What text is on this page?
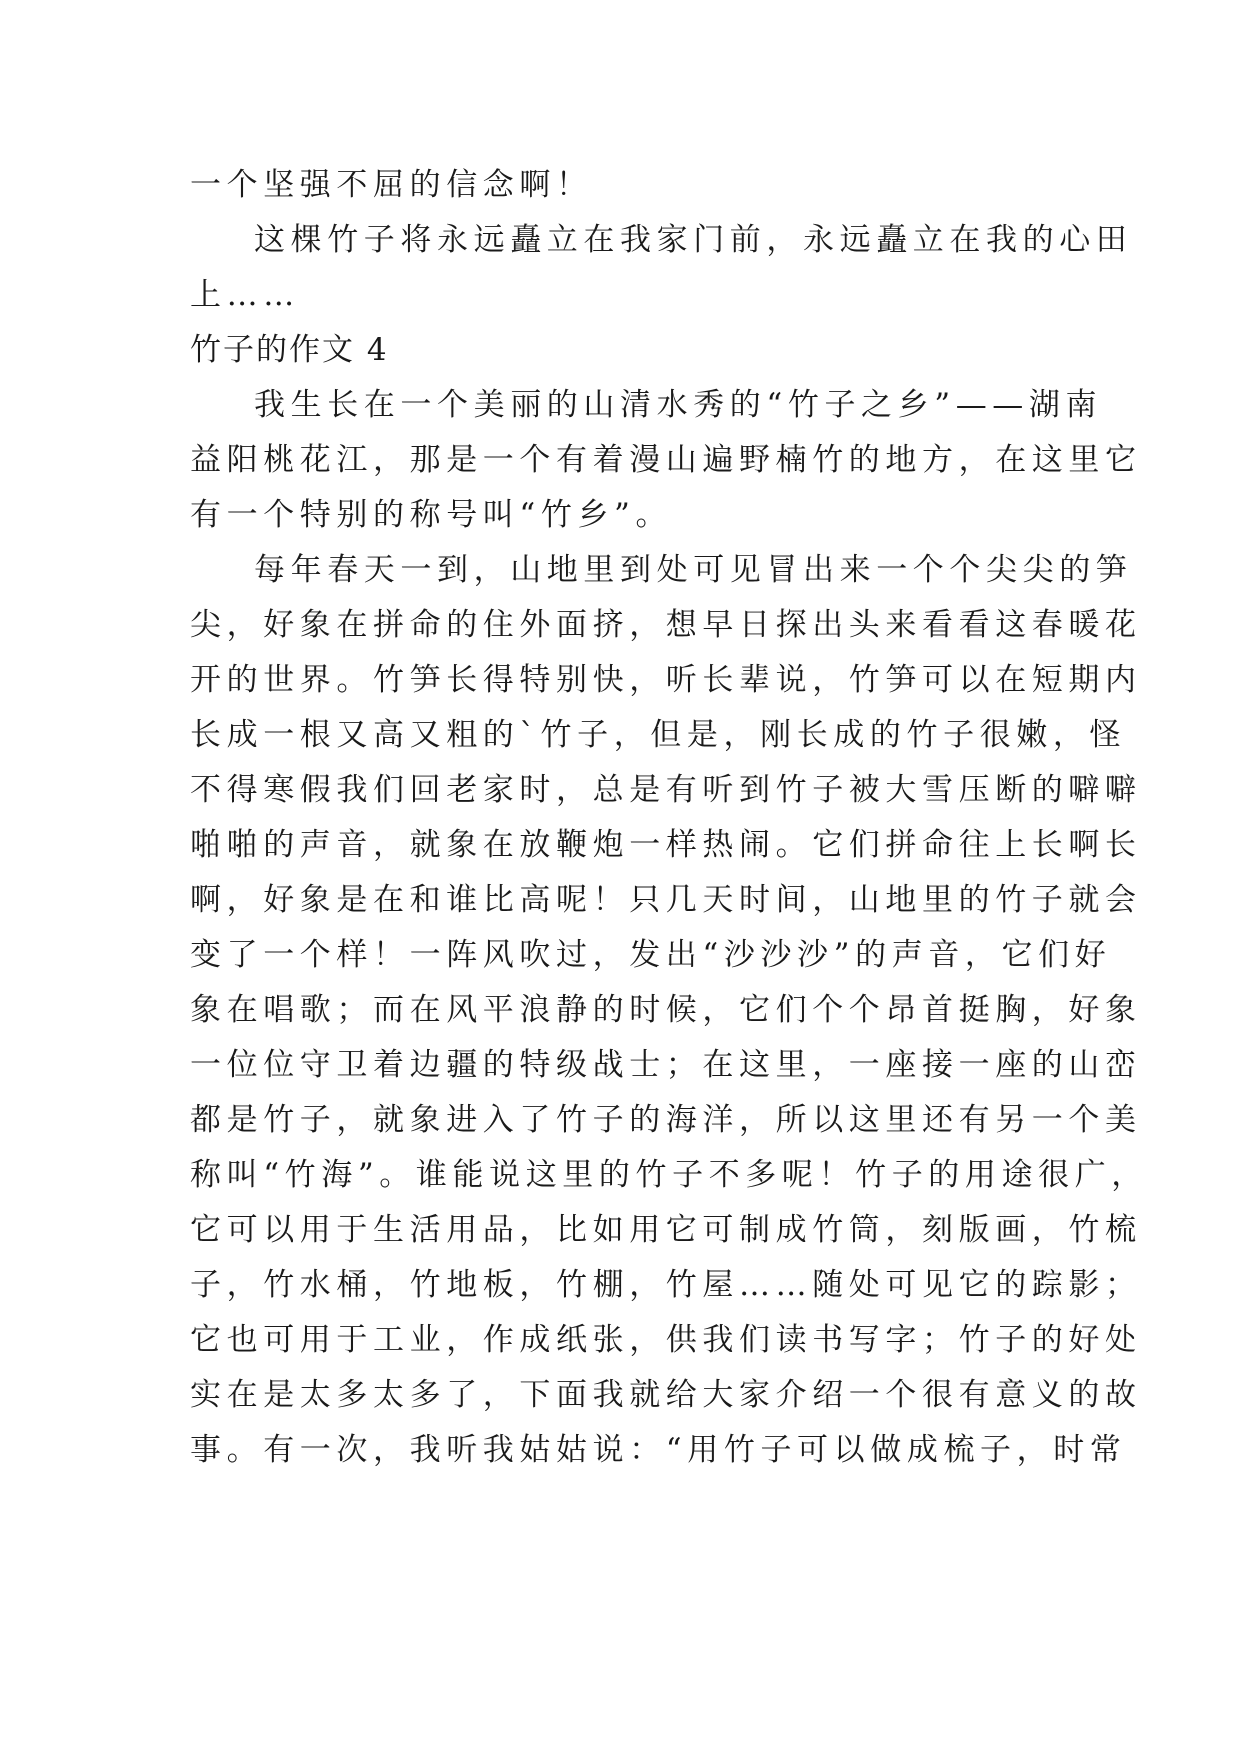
一个坚强不屈的信念啊！
这棵竹子将永远矗立在我家门前，永远矗立在我的心田
上……
竹子的作文 4
我生长在一个美丽的山清水秀的“竹子之乡”——湖南
益阳桃花江，那是一个有着漫山遍野楠竹的地方，在这里它
有一个特别的称号叫“竹乡”。
每年春天一到，山地里到处可见冒出来一个个尖尖的笋
尖，好象在拼命的住外面挤，想早日探出头来看看这春暖花
开的世界。竹笋长得特别快，听长辈说，竹笋可以在短期内
长成一根又高又粗的`竹子，但是，刚长成的竹子很嫩，怪
不得寒假我们回老家时，总是有听到竹子被大雪压断的噼噼
啪啪的声音，就象在放鞭炮一样热闹。它们拼命往上长啊长
啊，好象是在和谁比高呢！只几天时间，山地里的竹子就会
变了一个样！一阵风吹过，发出“沙沙沙”的声音，它们好
象在唱歌；而在风平浪静的时候，它们个个昂首挺胸，好象
一位位守卫着边疆的特级战士；在这里，一座接一座的山峦
都是竹子，就象进入了竹子的海洋，所以这里还有另一个美
称叫“竹海”。谁能说这里的竹子不多呢！竹子的用途很广，
它可以用于生活用品，比如用它可制成竹筒，刻版画，竹梳
子，竹水桶，竹地板，竹棚，竹屋……随处可见它的踪影；
它也可用于工业，作成纸张，供我们读书写字；竹子的好处
实在是太多太多了，下面我就给大家介绍一个很有意义的故
事。有一次，我听我姑姑说：“用竹子可以做成梳子，时常
